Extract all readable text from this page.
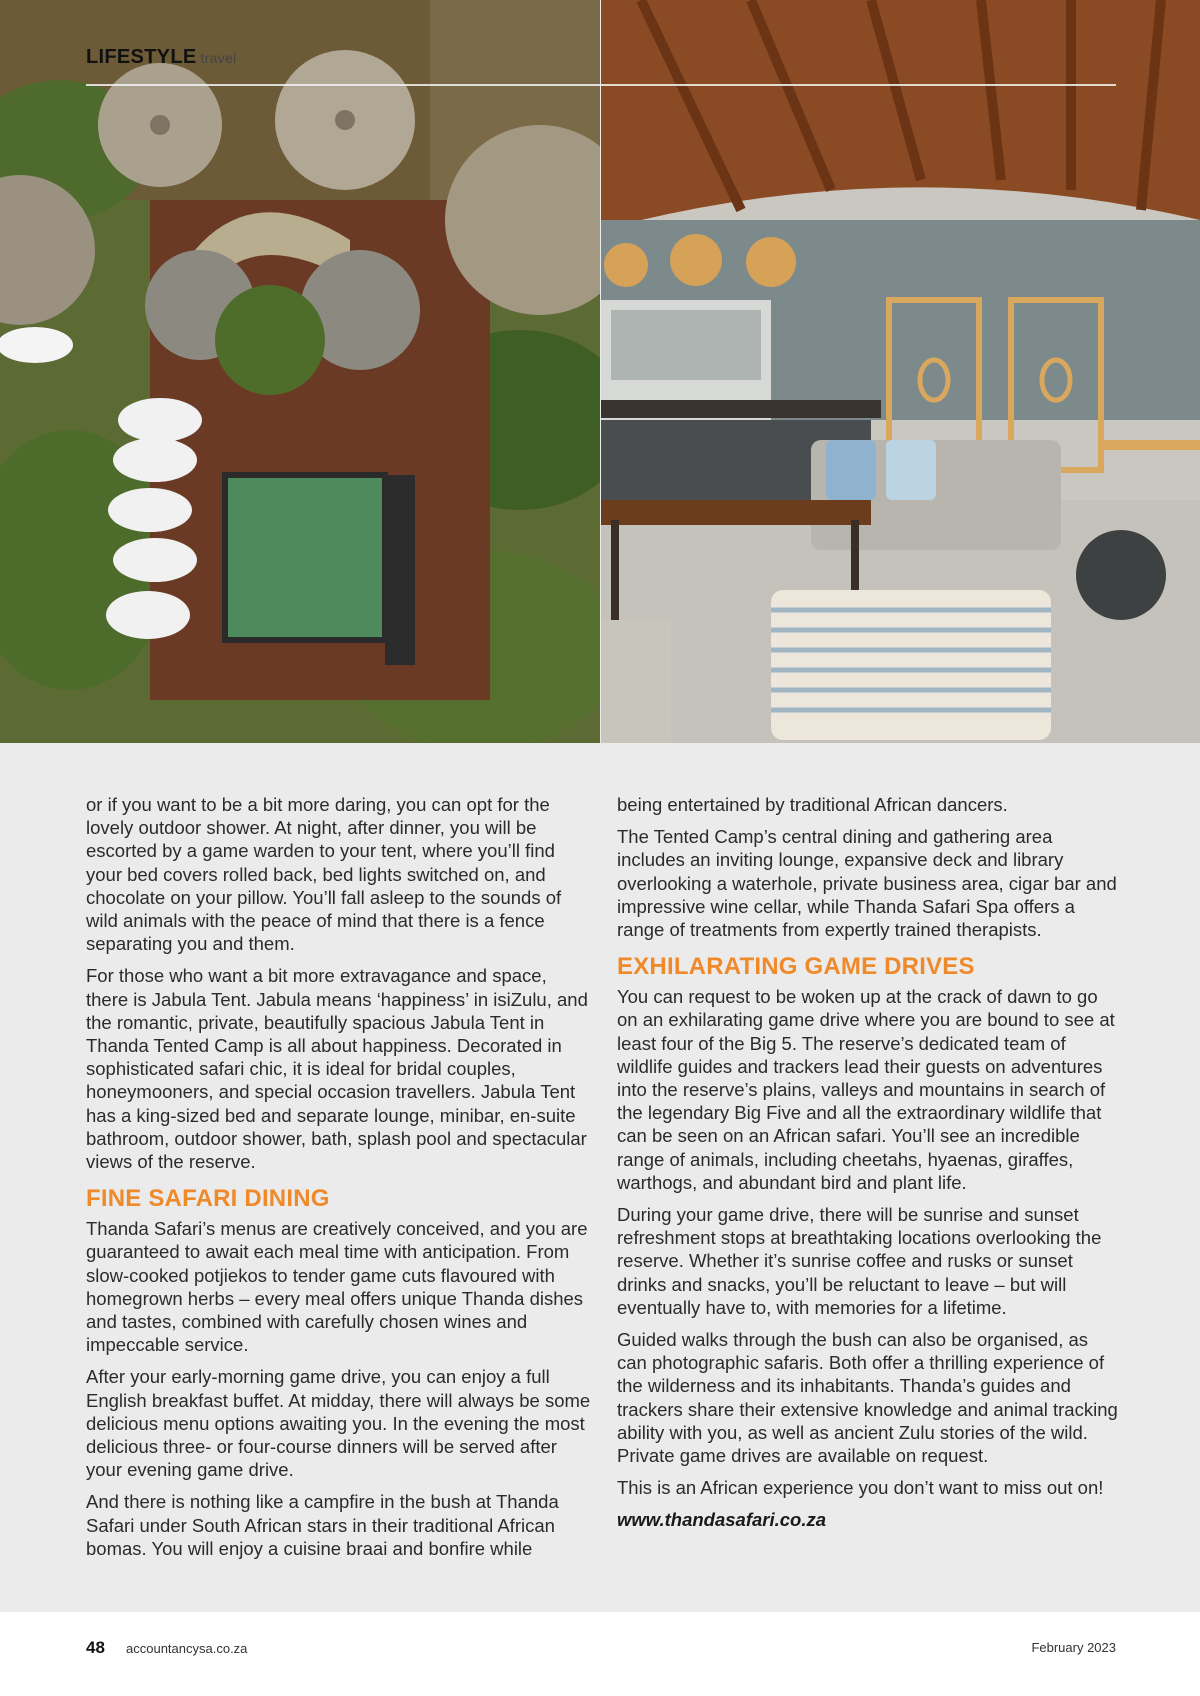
LIFESTYLE travel

or if you want to be a bit more daring, you can opt for the lovely outdoor shower. At night, after dinner, you will be escorted by a game warden to your tent, where you’ll find your bed covers rolled back, bed lights switched on, and chocolate on your pillow. You’ll fall asleep to the sounds of wild animals with the peace of mind that there is a fence separating you and them.

For those who want a bit more extravagance and space, there is Jabula Tent. Jabula means ‘happiness’ in isiZulu, and the romantic, private, beautifully spacious Jabula Tent in Thanda Tented Camp is all about happiness. Decorated in sophisticated safari chic, it is ideal for bridal couples, honeymooners, and special occasion travellers. Jabula Tent has a king-sized bed and separate lounge, minibar, en-suite bathroom, outdoor shower, bath, splash pool and spectacular views of the reserve.

FINE SAFARI DINING

Thanda Safari’s menus are creatively conceived, and you are guaranteed to await each meal time with anticipation. From slow-cooked potjiekos to tender game cuts flavoured with homegrown herbs – every meal offers unique Thanda dishes and tastes, combined with carefully chosen wines and impeccable service.

After your early-morning game drive, you can enjoy a full English breakfast buffet. At midday, there will always be some delicious menu options awaiting you. In the evening the most delicious three- or four-course dinners will be served after your evening game drive.

And there is nothing like a campfire in the bush at Thanda Safari under South African stars in their traditional African bomas. You will enjoy a cuisine braai and bonfire while

being entertained by traditional African dancers.

The Tented Camp’s central dining and gathering area includes an inviting lounge, expansive deck and library overlooking a waterhole, private business area, cigar bar and impressive wine cellar, while Thanda Safari Spa offers a range of treatments from expertly trained therapists.

EXHILARATING GAME DRIVES

You can request to be woken up at the crack of dawn to go on an exhilarating game drive where you are bound to see at least four of the Big 5. The reserve’s dedicated team of wildlife guides and trackers lead their guests on adventures into the reserve’s plains, valleys and mountains in search of the legendary Big Five and all the extraordinary wildlife that can be seen on an African safari. You’ll see an incredible range of animals, including cheetahs, hyaenas, giraffes, warthogs, and abundant bird and plant life.

During your game drive, there will be sunrise and sunset refreshment stops at breathtaking locations overlooking the reserve. Whether it’s sunrise coffee and rusks or sunset drinks and snacks, you’ll be reluctant to leave – but will eventually have to, with memories for a lifetime.

Guided walks through the bush can also be organised, as can photographic safaris. Both offer a thrilling experience of the wilderness and its inhabitants. Thanda’s guides and trackers share their extensive knowledge and animal tracking ability with you, as well as ancient Zulu stories of the wild. Private game drives are available on request.

This is an African experience you don’t want to miss out on!

www.thandasafari.co.za

48 accountancysa.co.za	February 2023
